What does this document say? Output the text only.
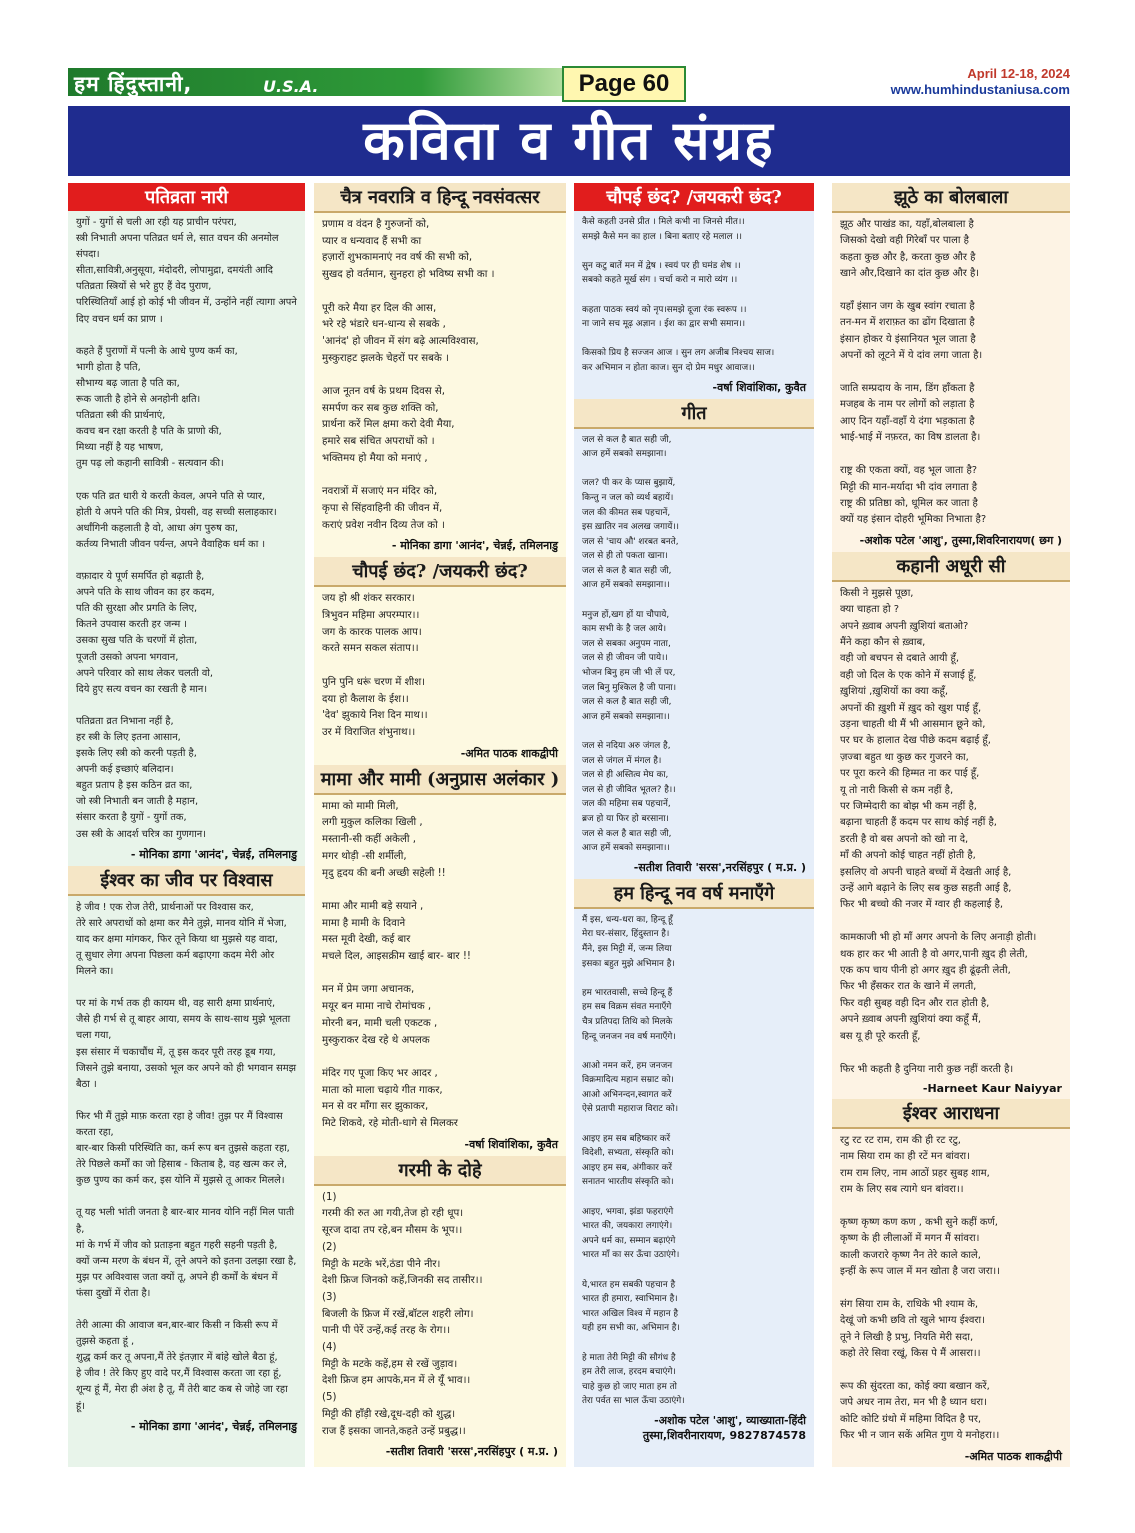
हम हिंदुस्तानी,	U.S.A.	Page 60	April 12-18, 2024
www.humhindustaniusa.com
कविता व गीत संग्रह
पतिव्रता नारी
युगों - युगों से चली आ रही यह प्राचीन परंपरा,
स्त्री निभाती अपना पतिव्रत धर्म ले, सात वचन की अनमोल संपदा।
सीता,सावित्री,अनुसूया, मंदोदरी, लोपामुद्रा, दमयंती आदि पतिव्रता स्त्रियों से भरे हुए हैं वेद पुराण,
परिस्थितियाँ आई हो कोई भी जीवन में, उन्होंने नहीं त्यागा अपने दिए वचन धर्म का प्राण ।

कहते हैं पुराणों में पत्नी के आधे पुण्य कर्म का,
भागी होता है पति,
सौभाग्य बढ़ जाता है पति का,
रूक जाती है होने से अनहोनी क्षति।
पतिव्रता स्त्री की प्रार्थनाएं,
कवच बन रक्षा करती है पति के प्राणो की,
मिथ्या नहीं है यह भाषण,
तुम पढ़ लो कहानी सावित्री - सत्यवान की।

एक पति व्रत धारी ये करती केवल, अपने पति से प्यार,
होती ये अपने पति की मित्र, प्रेयसी, वह सच्ची सलाहकार।
अर्धांगिनी कहलाती है वो, आधा अंग पुरुष का,
कर्तव्य निभाती जीवन पर्यन्त, अपने वैवाहिक धर्म का ।

वफ़ादार ये पूर्ण समर्पित हो बढ़ाती है,
अपने पति के साथ जीवन का हर कदम,
पति की सुरक्षा और प्रगति के लिए,
कितने उपवास करती हर जन्म ।
उसका सुख पति के चरणों में होता,
पूजती उसको अपना भगवान,
अपने परिवार को साथ लेकर चलती वो,
दिये हुए सत्य वचन का रखती है मान।

पतिव्रता व्रत निभाना नहीं है,
हर स्त्री के लिए इतना आसान,
इसके लिए स्त्री को करनी पड़ती है,
अपनी कई इच्छाएं बलिदान।
बहुत प्रताप है इस कठिन व्रत का,
जो स्त्री निभाती बन जाती है महान,
संसार करता है युगों - युगों तक,
उस स्त्री के आदर्श चरित्र का गुणगान।
- मोनिका डागा 'आनंद', चेन्नई, तमिलनाडु
ईश्वर का जीव पर विश्वास
हे जीव ! एक रोज तेरी, प्रार्थनाओं पर विश्वास कर,
तेरे सारे अपराधों को क्षमा कर मैने तुझे, मानव योनि में भेजा,
याद कर क्षमा मांगकर, फिर तूने किया था मुझसे यह वादा,
तू सुधार लेगा अपना पिछला कर्म बढ़ाएगा कदम मेरी ओर मिलने का।

पर मां के गर्भ तक ही कायम थी, वह सारी क्षमा प्रार्थनाएं,
जैसे ही गर्भ से तू बाहर आया, समय के साथ-साथ मुझे भूलता चला गया,
इस संसार में चकाचौंध में, तू इस कदर पूरी तरह डूब गया,
जिसने तुझे बनाया, उसको भूल कर अपने को ही भगवान समझ बैठा ।

फिर भी मैं तुझे माफ़ करता रहा हे जीव! तुझ पर मैं विश्वास करता रहा,
बार-बार किसी परिस्थिति का, कर्म रूप बन तुझसे कहता रहा,
तेरे पिछले कर्मों का जो हिसाब - किताब है, वह खत्म कर ले,
कुछ पुण्य का कर्म कर, इस योनि में मुझसे तू आकर मिलले।

तू यह भली भांती जनता है बार-बार मानव योनि नहीं मिल पाती है,
मां के गर्भ में जीव को प्रताड़ना बहुत गहरी सहनी पड़ती है,
क्यों जन्म मरण के बंधन में, तूने अपने को इतना उलझा रखा है,
मुझ पर अविश्वास जता क्यों तू, अपने ही कर्मों के बंधन में फंसा दुखों में रोता है।

तेरी आत्मा की आवाज बन,बार-बार किसी न किसी रूप में तुझसे कहता हूं ,
शुद्ध कर्म कर तू अपना,मैं तेरे इंतज़ार में बांहे खोले बैठा हूं,
हे जीव ! तेरे किए हुए वादे पर,मैं विश्वास करता जा रहा हूं,
शून्य हूं मैं, मेरा ही अंश है तू, मैं तेरी बाट कब से जोहे जा रहा हूं।
- मोनिका डागा 'आनंद', चेन्नई, तमिलनाडु
चैत्र नवरात्रि व हिन्दू नवसंवत्सर
प्रणाम व वंदन है गुरुजनों को,
प्यार व धन्यवाद हैं सभी का
हज़ारों शुभकामनाएं नव वर्ष की सभी को,
सुखद हो वर्तमान, सुनहरा हो भविष्य सभी का ।

पूरी करे मैया हर दिल की आस,
भरे रहे भंडारे धन-धान्य से सबके ,
'आनंद' हो जीवन में संग बढ़े आत्मविश्वास,
मुस्कुराहट झलके चेहरों पर सबके ।

आज नूतन वर्ष के प्रथम दिवस से,
समर्पण कर सब कुछ शक्ति को,
प्रार्थना करें मिल क्षमा करो देवी मैया,
हमारे सब संचित अपराधों को ।
भक्तिमय हो मैया को मनाएं ,

नवरात्रों में सजाएं मन मंदिर को,
कृपा से सिंहवाहिनी की जीवन में,
कराएं प्रवेश नवीन दिव्य तेज को ।
- मोनिका डागा 'आनंद', चेन्नई, तमिलनाडु
चौपई छंद? /जयकरी छंद?
जय हो श्री शंकर सरकार।
त्रिभुवन महिमा अपरम्पार।।
जग के कारक पालक आप।
करते समन सकल संताप।।

पुनि पुनि धरूं चरण में शीश।
दया हो कैलाश के ईश।।
'देव' झुकाये निश दिन माथ।।
उर में विराजित शंभुनाथ।।
-अमित पाठक शाकद्वीपी
मामा और मामी (अनुप्रास अलंकार )
मामा को मामी मिली,
लगी मुकुल कलिका खिली ,
मस्तानी-सी कहीं अकेली ,
मगर थोड़ी -सी शर्मीली,
मृदु हृदय की बनी अच्छी सहेली !!

मामा और मामी बड़े सयाने ,
मामा है मामी के दिवाने
मस्त मूवी देखी, कई बार
मचले दिल, आइसक्रीम खाई बार- बार !!

मन में प्रेम जगा अचानक,
मयूर बन मामा नाचे रोमांचक ,
मोरनी बन, मामी चली एकटक ,
मुस्कुराकर देख रहे थे अपलक

मंदिर गए पूजा किए भर आदर ,
माता को माला चढ़ाये गीत गाकर,
मन से वर माँगा सर झुकाकर,
मिटे शिकवे, रहे मोती-धागे से मिलकर
-वर्षा शिवांशिका, कुवैत
गरमी के दोहे
(1)
गरमी की रुत आ गयी,तेज हो रही धूप।
सूरज दादा तप रहे,बन मौसम के भूप।।
(2)
मिट्टी के मटके भरें,ठंडा पीने नीर।
देशी फ्रिज जिनको कहें,जिनकी सद तासीर।।
(3)
बिजली के फ्रिज में रखें,बॉटल शहरी लोग।
पानी पी पेरें उन्हें,कई तरह के रोग।।
(4)
मिट्टी के मटके कहें,हम से रखें जुड़ाव।
देशी फ्रिज हम आपके,मन में ले यूँ भाव।।
(5)
मिट्टी की हाँड़ी रखे,दूध-दही को शुद्ध।
राज हैं इसका जानते,कहते उन्हें प्रबुद्ध।।
-सतीश तिवारी 'सरस',नरसिंहपुर ( म.प्र. )
चौपई छंद? /जयकरी छंद?
कैसे कहती उनसे प्रीत । मिले कभी ना जिनसे मीत।।
समझे कैसे मन का हाल । बिना बताए रहे मलाल ।।

सुन कटु बातें मन में द्वेष । स्वयं पर ही घमंड शेष ।।
सबको कहते मूर्ख संग । चर्चा करो न मारो व्यंग ।।

कहता पाठक स्वयं को नृप।समझे दूजा रंक स्वरूप ।।
ना जाने सच मूढ़ अज्ञान । ईश का द्वार सभी समान।।

किसको प्रिय है सज्जन आज । सुन लग अजीब निश्चय साज।
कर अभिमान न होता काज। सुन दो प्रेम मधुर आवाज।।
-वर्षा शिवांशिका, कुवैत
गीत
जल से कल है बात सही जी,
आज हमें सबको समझाना।

जल? पी कर के प्यास बुझायें,
किन्तु न जल को व्यर्थ बहायें।
जल की कीमत सब पहचानें,
इस ख़ातिर नव अलख जगायें।।
जल से 'चाय औ' शरबत बनते,
जल से ही तो पकता खाना।
जल से कल है बात सही जी,
आज हमें सबको समझाना।।

मनुज हों,खग हों या चौपाये,
काम सभी के है जल आये।
जल से सबका अनुपम नाता,
जल से ही जीवन जी पाये।।
भोजन बिनु हम जी भी लें पर,
जल बिनु मुश्किल है जी पाना।
जल से कल है बात सही जी,
आज हमें सबको समझाना।।

जल से नदिया अरु जंगल है,
जल से जंगल में मंगल है।
जल से ही अस्तित्व मेघ का,
जल से ही जीवित भूतल? है।।
जल की महिमा सब पहचानें,
ब्रज हो या फिर हो बरसाना।
जल से कल है बात सही जी,
आज हमें सबको समझाना।।
-सतीश तिवारी 'सरस',नरसिंहपुर ( म.प्र. )
हम हिन्दू नव वर्ष मनाएँगे
मैं इस, धन्य-धरा का, हिन्दू हूँ
मेरा घर-संसार, हिंदुस्तान है।
मैंने, इस मिट्टी में, जन्म लिया
इसका बहुत मुझे अभिमान है।

हम भारतवासी, सच्चे हिन्दू हैं
हम सब विक्रम संवत मनाएँगे
चैत्र प्रतिपदा तिथि को मिलके
हिन्दू जनजन नव वर्ष मनाएँगे।

आओ नमन करें, हम जनजन
विक्रमादित्य महान सम्राट को।
आओ अभिनन्दन,स्वागत करें
ऐसे प्रतापी महाराज विराट को।

आइए हम सब बहिष्कार करें
विदेशी, सभ्यता, संस्कृति को।
आइए हम सब, अंगीकार करें
सनातन भारतीय संस्कृति को।

आइए, भगवा, झंडा फहराएंगे
भारत की, जयकारा लगाएंगे।
अपने धर्म का, सम्मान बढ़ाएंगे
भारत माँ का सर ऊँचा उठाएंगे।

ये,भारत हम सबकी पहचान है
भारत ही हमारा, स्वाभिमान है।
भारत अखिल विश्व में महान है
यही हम सभी का, अभिमान है।

हे माता तेरी मिट्टी की सौगंध है
हम तेरी लाज, हरदम बचाएंगे।
चाहे कुछ हो जाए माता हम तो
तेरा पर्वत सा भाल ऊँचा उठाएंगे।
-अशोक पटेल 'आशु', व्याख्याता-हिंदी तुस्मा,शिवरीनारायण, 9827874578
झूठे का बोलबाला
झूठ और पाखंड का, यहाँ,बोलबाला है
जिसको देखो वही गिरेबाँ पर पाला है
कहता कुछ और है, करता कुछ और है
खाने और,दिखाने का दांत कुछ और है।

यहाँ इंसान जग के खुब स्वांग रचाता है
तन-मन में शराफ़त का ढोंग दिखाता है
इंसान होकर ये इंसानियत भूल जाता है
अपनों को लूटने में ये दांव लगा जाता है।

जाति सम्प्रदाय के नाम, डिंग हाँकता है
मजहब के नाम पर लोगों को लड़ाता है
आए दिन यहाँ-वहाँ ये दंगा भड़काता है
भाई-भाई में नफ़रत, का विष डालता है।

राष्ट्र की एकता क्यों, वह भूल जाता है?
मिट्टी की मान-मर्यादा भी दांव लगाता है
राष्ट्र की प्रतिष्ठा को, धूमिल कर जाता है
क्यों यह इंसान दोहरी भूमिका निभाता है?
-अशोक पटेल 'आशु', तुस्मा,शिवरिनारायण( छग )
कहानी अधूरी सी
किसी ने मुझसे पूछा,
क्या चाहता हो ?
अपने ख़्वाब अपनी ख़ुशियां बताओ?
मैंने कहा कौन से ख़्वाब,
वही जो बचपन से दबाते आयी हूँ,
वही जो दिल के एक कोने में सजाई हूँ,
ख़ुशियां ,ख़ुशियों का क्या कहूँ,
अपनों की ख़ुशी में ख़ुद को खुश पाई हूँ,
उड़ना चाहती थी मैं भी आसमान छूने को,
पर घर के हालात देख पीछे कदम बढ़ाई हूँ,
ज़ज्बा बहुत था कुछ कर गुजरने का,
पर पूरा करने की हिम्मत ना कर पाई हूँ,
यू तो नारी किसी से कम नहीं है,
पर जिम्मेदारी का बोझ भी कम नहीं है,
बढ़ाना चाहती हैं कदम पर साथ कोई नहीं है,
डरती है वो बस अपनो को खो ना दे,
माँ की अपनो कोई चाहत नहीं होती है,
इसलिए वो अपनी चाहते बच्चों में देखती आई है,
उन्हें आगे बढ़ाने के लिए सब कुछ सहती आई है,
फिर भी बच्चो की नजर में ग्वार ही कहलाई है,

कामकाजी भी हो माँ अगर अपनो के लिए अनाड़ी होती।
थक हार कर भी आती है वो अगर,पानी ख़ुद ही लेती,
एक कप चाय पीनी हो अगर ख़ुद ही ढूंढ़ती लेती,
फिर भी हँसकर रात के खाने में लगती,
फिर वही सुबह वही दिन और रात होती है,
अपने ख़्वाब अपनी ख़ुशियां क्या कहूँ मैं,
बस यू ही पूरे करती हूँ,

फिर भी कहती है दुनिया नारी कुछ नहीं करती है।
-Harneet Kaur Naiyyar
ईश्वर आराधना
रटु रट रट राम, राम की ही रट रटु,
नाम सिया राम का ही रटें मन बांवरा।
राम राम लिए, नाम आठों प्रहर सुबह शाम,
राम के लिए सब त्यागे धन बांवरा।।

कृष्ण कृष्ण कण कण , कभी सुने कहीं कर्ण,
कृष्ण के ही लीलाओं में मगन मैं सांवरा।
काली कजरारे कृष्ण नैन तेरे काले काले,
इन्हीं के रूप जाल में मन खोता है जरा जरा।।

संग सिया राम के, राधिके भी श्याम के,
देखूं जो कभी छवि तो खुले भाग्य ईश्वरा।
तूने ने लिखी है प्रभु, नियति मेरी सदा,
कहो तेरे सिवा रखूं, किस पे मैं आसरा।।

रूप की सुंदरता का, कोई क्या बखान करें,
जपे अधर नाम तेरा, मन भी है ध्यान धरा।
कोटि कोटि ग्रंथो में महिमा विदित है पर,
फिर भी न जान सकें अमित गुण ये मनोहरा।।
-अमित पाठक शाकद्वीपी
